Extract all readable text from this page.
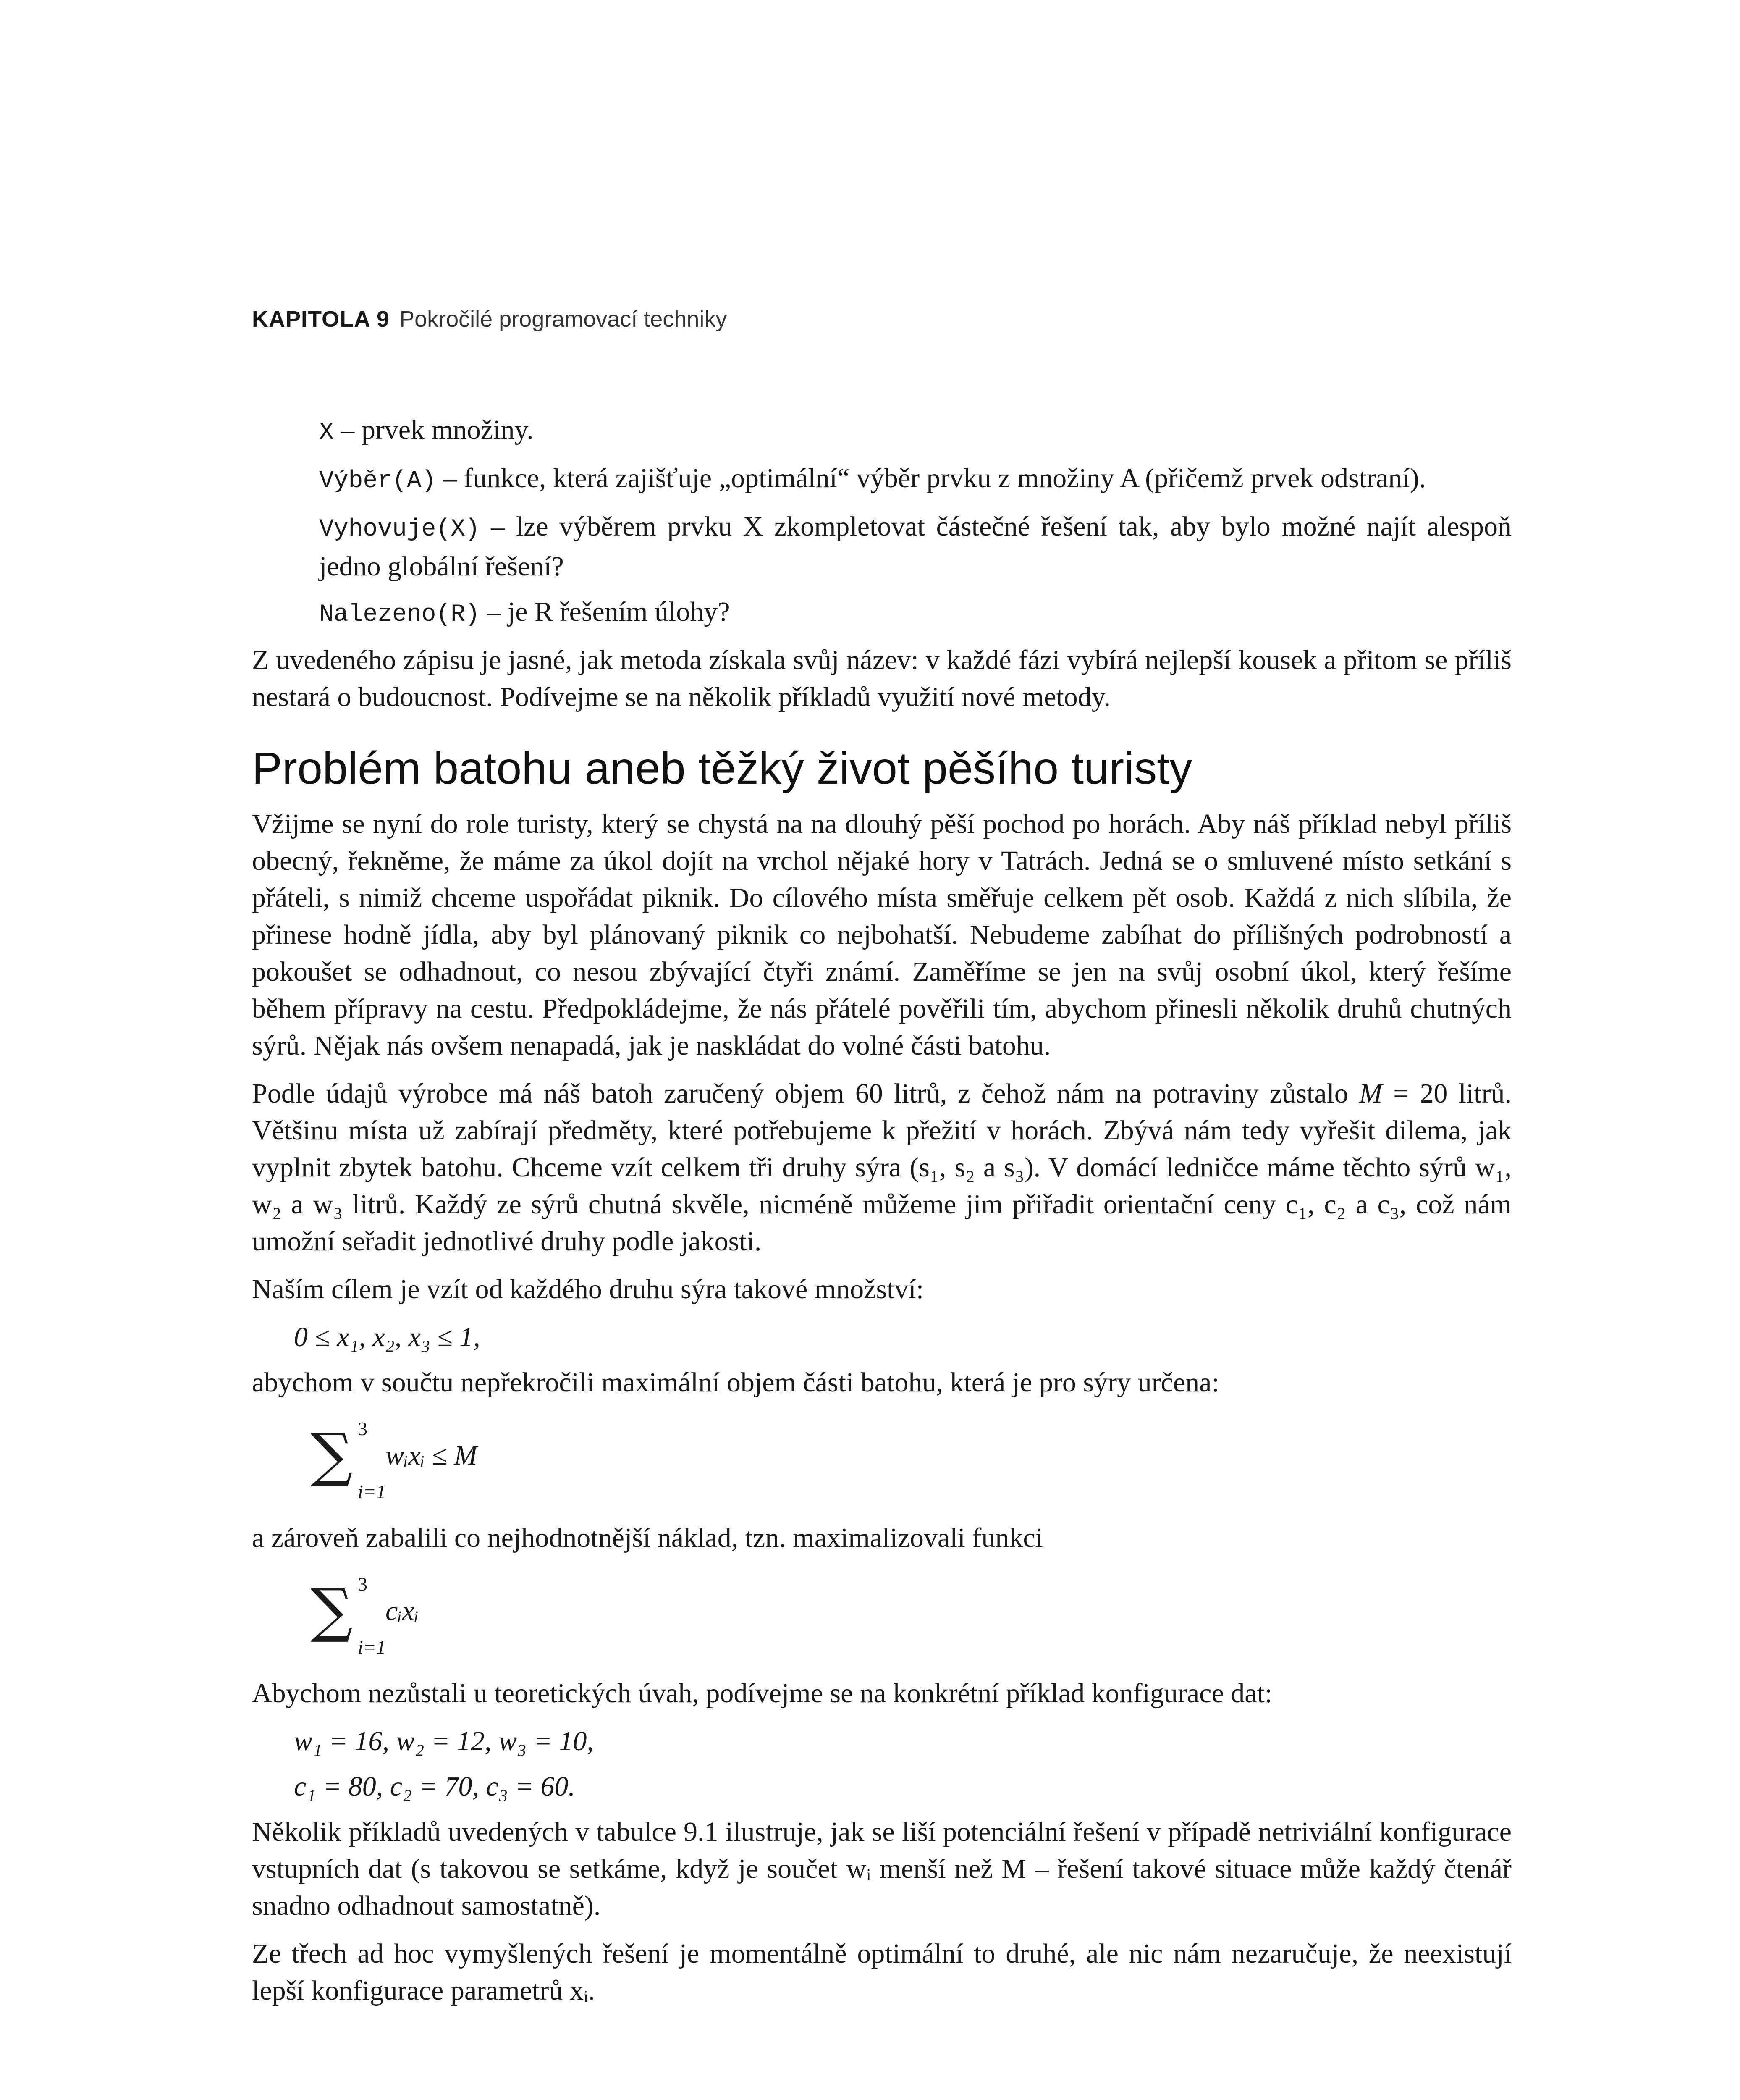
KAPITOLA 9 Pokročilé programovací techniky
X – prvek množiny.
Výběr(A) – funkce, která zajišťuje „optimální“ výběr prvku z množiny A (přičemž prvek odstraní).
Vyhovuje(X) – lze výběrem prvku X zkompletovat částečné řešení tak, aby bylo možné najít alespoň jedno globální řešení?
Nalezeno(R) – je R řešením úlohy?

Z uvedeného zápisu je jasné, jak metoda získala svůj název: v každé fázi vybírá nejlepší kousek a přitom se příliš nestará o budoucnost. Podívejme se na několik příkladů využití nové metody.

Problém batohu aneb těžký život pěšího turisty

Vžijme se nyní do role turisty, který se chystá na na dlouhý pěší pochod po horách. Aby náš příklad nebyl příliš obecný, řekněme, že máme za úkol dojít na vrchol nějaké hory v Tatrách. Jedná se o smluvené místo setkání s přáteli, s nimiž chceme uspořádat piknik. Do cílového místa směřuje celkem pět osob. Každá z nich slíbila, že přinese hodně jídla, aby byl plánovaný piknik co nejbohatší. Nebudeme zabíhat do přílišných podrobností a pokoušet se odhadnout, co nesou zbývající čtyři známí. Zaměříme se jen na svůj osobní úkol, který řešíme během přípravy na cestu. Předpokládejme, že nás přátelé pověřili tím, abychom přinesli několik druhů chutných sýrů. Nějak nás ovšem nenapadá, jak je naskládat do volné části batohu.

Podle údajů výrobce má náš batoh zaručený objem 60 litrů, z čehož nám na potraviny zůstalo M = 20 litrů. Většinu místa už zabírají předměty, které potřebujeme k přežití v horách. Zbývá nám tedy vyřešit dilema, jak vyplnit zbytek batohu. Chceme vzít celkem tři druhy sýra (s₁, s₂ a s₃). V domácí ledničce máme těchto sýrů w₁, w₂ a w₃ litrů. Každý ze sýrů chutná skvěle, nicméně můžeme jim přiřadit orientační ceny c₁, c₂ a c₃, což nám umožní seřadit jednotlivé druhy podle jakosti.

Naším cílem je vzít od každého druhu sýra takové množství:

0 ≤ x₁, x₂, x₃ ≤ 1,

abychom v součtu nepřekročili maximální objem části batohu, která je pro sýry určena:

∑ 3
i=1
wᵢxᵢ ≤ M

a zároveň zabalili co nejhodnotnější náklad, tzn. maximalizovali funkci

∑ 3
i=1
cᵢxᵢ

Abychom nezůstali u teoretických úvah, podívejme se na konkrétní příklad konfigurace dat:

w₁ = 16, w₂ = 12, w₃ = 10,
c₁ = 80, c₂ = 70, c₃ = 60.

Několik příkladů uvedených v tabulce 9.1 ilustruje, jak se liší potenciální řešení v případě netriviální konfigurace vstupních dat (s takovou se setkáme, když je součet wᵢ menší než M – řešení takové situace může každý čtenář snadno odhadnout samostatně).

Ze třech ad hoc vymyšlených řešení je momentálně optimální to druhé, ale nic nám nezaručuje, že neexistují lepší konfigurace parametrů xᵢ.
